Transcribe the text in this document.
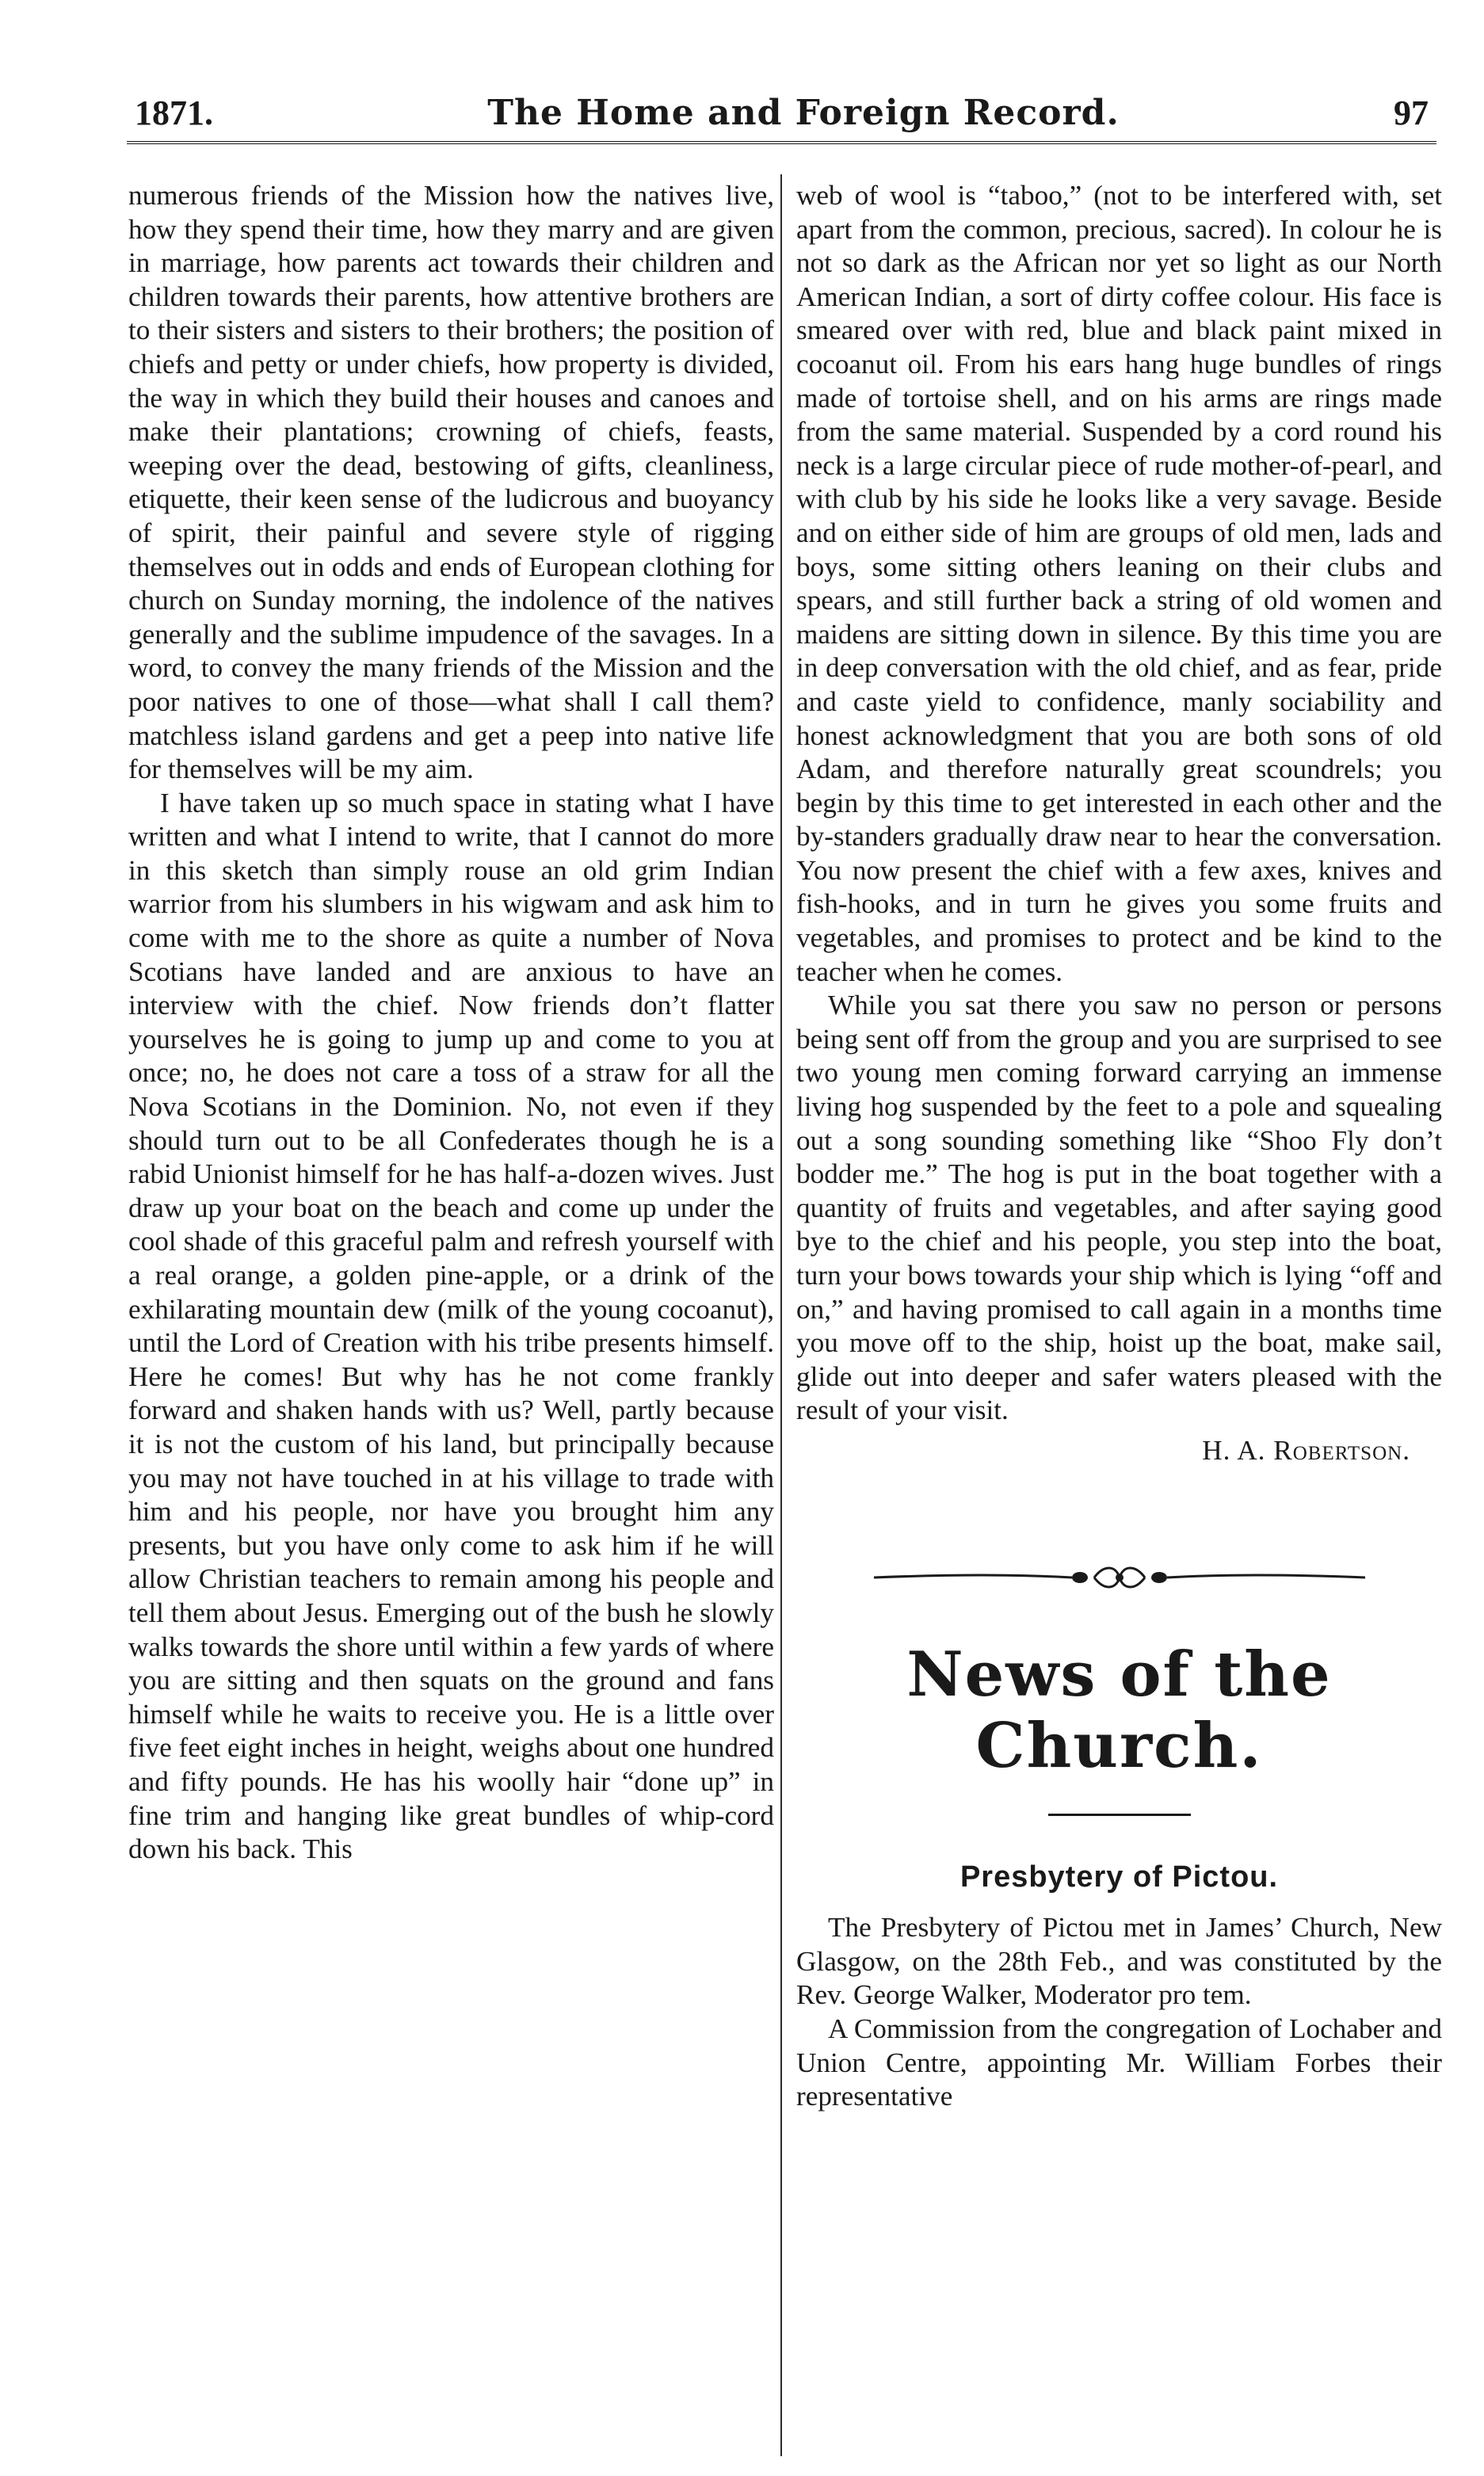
1871.	The Home and Foreign Record.	97

numerous friends of the Mission how the natives live, how they spend their time, how they marry and are given in marriage, how parents act towards their children and children towards their parents, how attentive brothers are to their sisters and sisters to their brothers; the position of chiefs and petty or under chiefs, how property is divided, the way in which they build their houses and canoes and make their plantations; crowning of chiefs, feasts, weeping over the dead, bestowing of gifts, cleanliness, etiquette, their keen sense of the ludicrous and buoyancy of spirit, their painful and severe style of rigging themselves out in odds and ends of European clothing for church on Sunday morning, the indolence of the natives generally and the sublime impudence of the savages. In a word, to convey the many friends of the Mission and the poor natives to one of those—what shall I call them? matchless island gardens and get a peep into native life for themselves will be my aim.

I have taken up so much space in stating what I have written and what I intend to write, that I cannot do more in this sketch than simply rouse an old grim Indian warrior from his slumbers in his wigwam and ask him to come with me to the shore as quite a number of Nova Scotians have landed and are anxious to have an interview with the chief. Now friends don’t flatter yourselves he is going to jump up and come to you at once; no, he does not care a toss of a straw for all the Nova Scotians in the Dominion. No, not even if they should turn out to be all Confederates though he is a rabid Unionist himself for he has half-a-dozen wives. Just draw up your boat on the beach and come up under the cool shade of this graceful palm and refresh yourself with a real orange, a golden pine-apple, or a drink of the exhilarating mountain dew (milk of the young cocoanut), until the Lord of Creation with his tribe presents himself. Here he comes! But why has he not come frankly forward and shaken hands with us? Well, partly because it is not the custom of his land, but principally because you may not have touched in at his village to trade with him and his people, nor have you brought him any presents, but you have only come to ask him if he will allow Christian teachers to remain among his people and tell them about Jesus. Emerging out of the bush he slowly walks towards the shore until within a few yards of where you are sitting and then squats on the ground and fans himself while he waits to receive you. He is a little over five feet eight inches in height, weighs about one hundred and fifty pounds. He has his woolly hair “done up” in fine trim and hanging like great bundles of whip-cord down his back. This

web of wool is “taboo,” (not to be interfered with, set apart from the common, precious, sacred). In colour he is not so dark as the African nor yet so light as our North American Indian, a sort of dirty coffee colour. His face is smeared over with red, blue and black paint mixed in cocoanut oil. From his ears hang huge bundles of rings made of tortoise shell, and on his arms are rings made from the same material. Suspended by a cord round his neck is a large circular piece of rude mother-of-pearl, and with club by his side he looks like a very savage. Beside and on either side of him are groups of old men, lads and boys, some sitting others leaning on their clubs and spears, and still further back a string of old women and maidens are sitting down in silence. By this time you are in deep conversation with the old chief, and as fear, pride and caste yield to confidence, manly sociability and honest acknowledgment that you are both sons of old Adam, and therefore naturally great scoundrels; you begin by this time to get interested in each other and the by-standers gradually draw near to hear the conversation. You now present the chief with a few axes, knives and fish-hooks, and in turn he gives you some fruits and vegetables, and promises to protect and be kind to the teacher when he comes.

While you sat there you saw no person or persons being sent off from the group and you are surprised to see two young men coming forward carrying an immense living hog suspended by the feet to a pole and squealing out a song sounding something like “Shoo Fly don’t bodder me.” The hog is put in the boat together with a quantity of fruits and vegetables, and after saying good bye to the chief and his people, you step into the boat, turn your bows towards your ship which is lying “off and on,” and having promised to call again in a months time you move off to the ship, hoist up the boat, make sail, glide out into deeper and safer waters pleased with the result of your visit.

H. A. Robertson.
News of the Church.
Presbytery of Pictou.

The Presbytery of Pictou met in James’ Church, New Glasgow, on the 28th Feb., and was constituted by the Rev. George Walker, Moderator pro tem.

A Commission from the congregation of Lochaber and Union Centre, appointing Mr. William Forbes their representative
